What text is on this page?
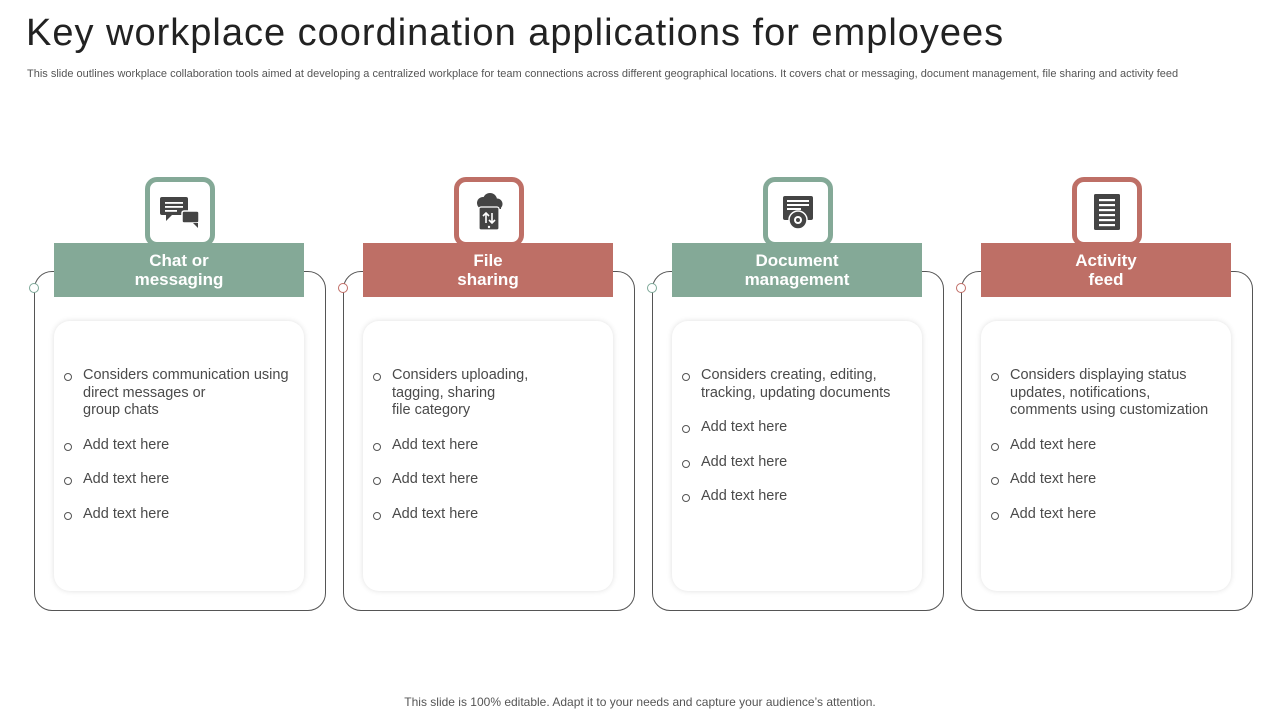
Key workplace coordination applications for employees
This slide outlines workplace collaboration tools aimed at developing a centralized workplace for team connections across different geographical locations. It covers chat or messaging, document management, file sharing and activity feed
Chat or
messaging
Considers communication using
direct messages or
group chats
Add text here
Add text here
Add text here
File
sharing
Considers uploading,
tagging, sharing
file category
Add text here
Add text here
Add text here
Document
management
Considers creating, editing,
tracking, updating documents
Add text here
Add text here
Add text here
Activity
feed
Considers displaying status
updates, notifications,
comments using customization
Add text here
Add text here
Add text here
This slide is 100% editable. Adapt it to your needs and capture your audience’s attention.
